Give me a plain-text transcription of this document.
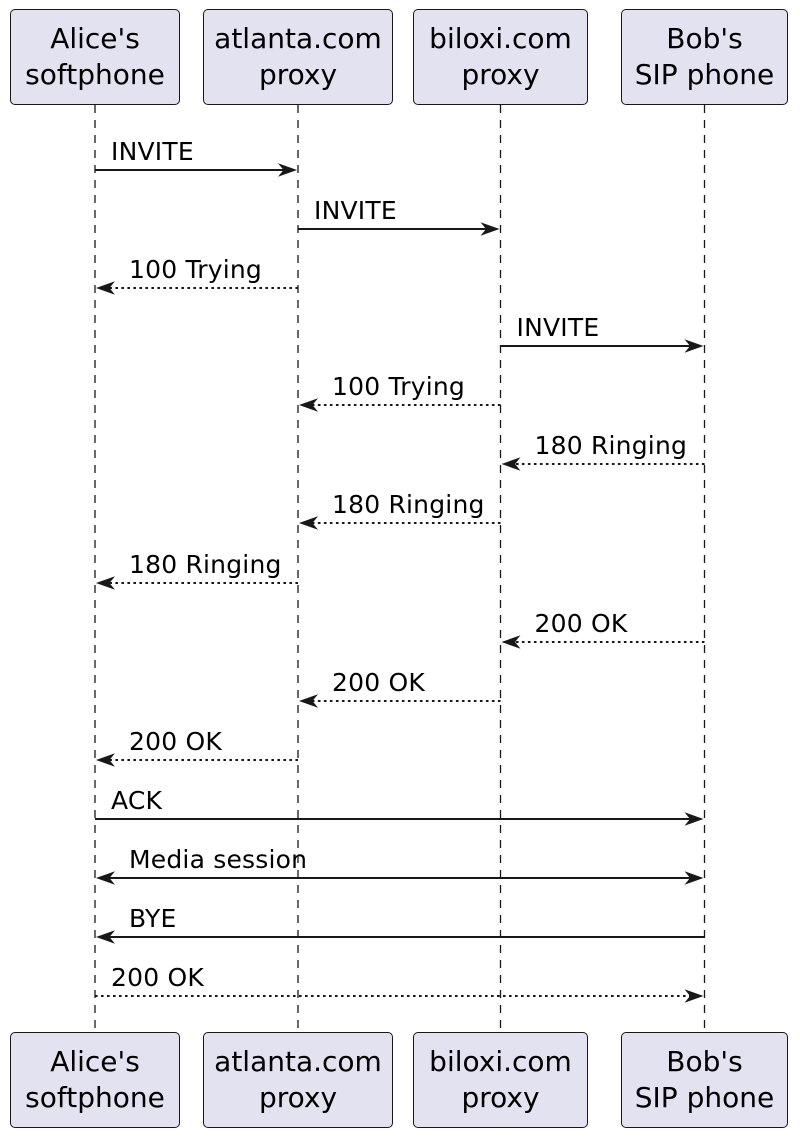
Alice's
softphone
Alice's
softphone
atlanta.com
proxy
atlanta.com
proxy
biloxi.com
proxy
biloxi.com
proxy
Bob's
SIP phone
Bob's
SIP phone
INVITE
INVITE
100 Trying
INVITE
100 Trying
180 Ringing
180 Ringing
180 Ringing
200 OK
200 OK
200 OK
ACK
Media session
BYE
200 OK
